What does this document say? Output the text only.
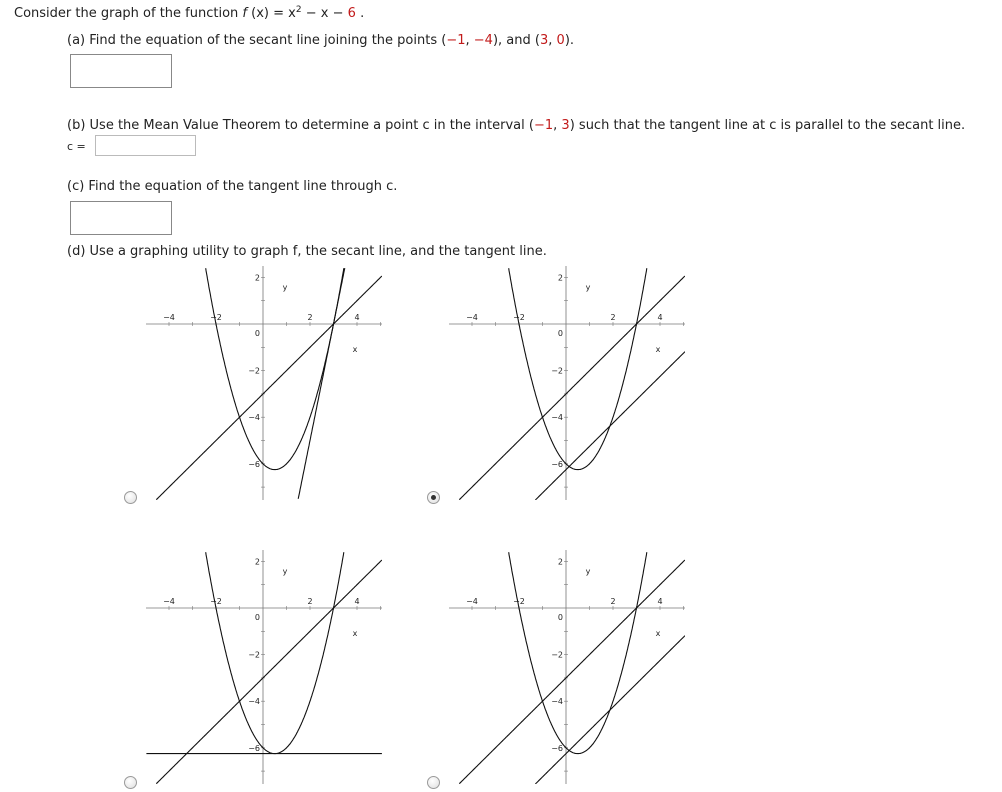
Consider the graph of the function f $(x) = x^2 - x - 6$ .
(a) Find the equation of the secant line joining the points (−1, −4), and (3, 0).
(b) Use the Mean Value Theorem to determine a point c in the interval (−1, 3) such that the tangent line at c is parallel to the secant line.
c =
(c) Find the equation of the tangent line through c.
(d) Use a graphing utility to graph f, the secant line, and the tangent line.
−4	−2	2	4
2
0
−2
−4
−6
y
x
−4	−2	2	4
2
0
−2
−4
−6
y
x
−4	−2	2	4
2
0
−2
−4
−6
y
x
−4	−2	2	4
2
0
−2
−4
−6
y
x
